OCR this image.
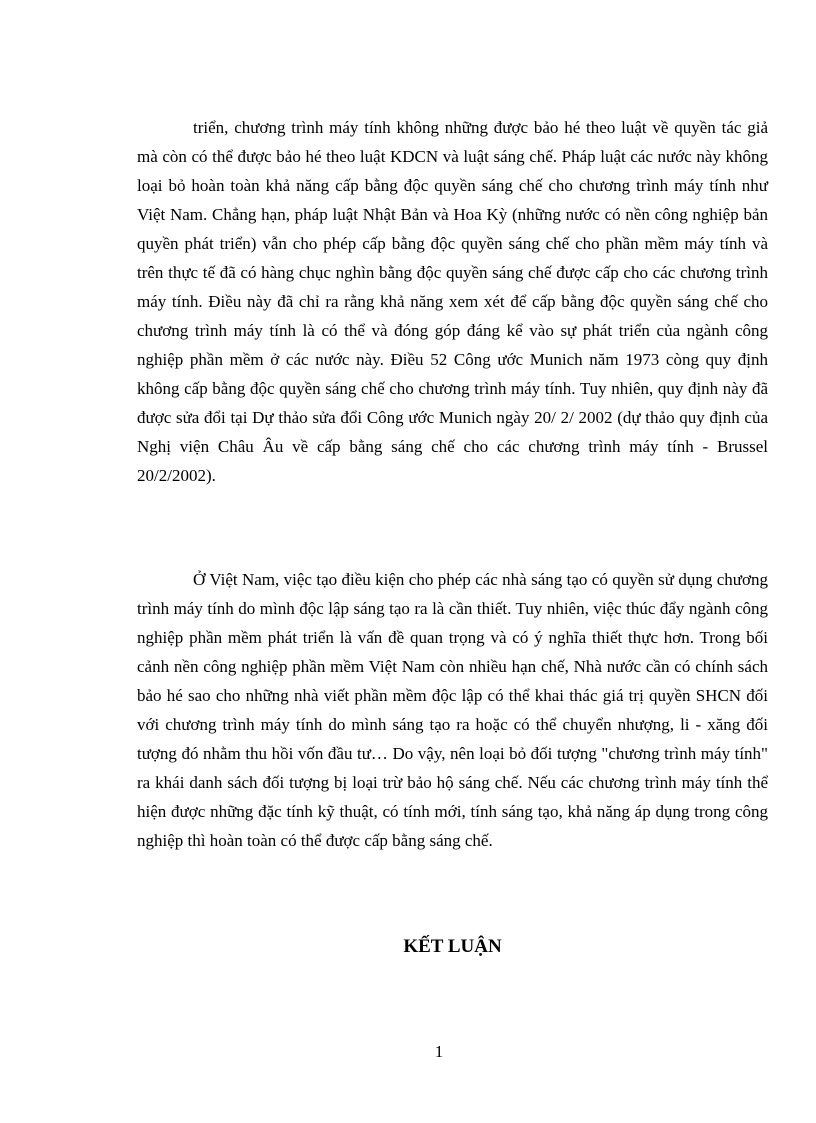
triển, chương trình máy tính không những được bảo hé theo luật về quyền tác giả mà còn có thể được bảo hé theo luật KDCN và luật sáng chế. Pháp luật các nước này không loại bỏ hoàn toàn khả năng cấp bằng độc quyền sáng chế cho chương trình máy tính như Việt Nam. Chẳng hạn, pháp luật Nhật Bản và Hoa Kỳ (những nước có nền công nghiệp bản quyền phát triển) vẫn cho phép cấp bằng độc quyền sáng chế cho phần mềm máy tính và trên thực tế đã có hàng chục nghìn bằng độc quyền sáng chế được cấp cho các chương trình máy tính. Điều này đã chỉ ra rằng khả năng xem xét để cấp bằng độc quyền sáng chế cho chương trình máy tính là có thể và đóng góp đáng kể vào sự phát triển của ngành công nghiệp phần mềm ở các nước này. Điều 52 Công ước Munich năm 1973 còng quy định không cấp bằng độc quyền sáng chế cho chương trình máy tính. Tuy nhiên, quy định này đã được sửa đổi tại Dự thảo sửa đổi Công ước Munich ngày 20/ 2/ 2002 (dự thảo quy định của Nghị viện Châu Âu về cấp bằng sáng chế cho các chương trình máy tính - Brussel 20/2/2002).

Ở Việt Nam, việc tạo điều kiện cho phép các nhà sáng tạo có quyền sử dụng chương trình máy tính do mình độc lập sáng tạo ra là cần thiết. Tuy nhiên, việc thúc đẩy ngành công nghiệp phần mềm phát triển là vấn đề quan trọng và có ý nghĩa thiết thực hơn. Trong bối cảnh nền công nghiệp phần mềm Việt Nam còn nhiều hạn chế, Nhà nước cần có chính sách bảo hé sao cho những nhà viết phần mềm độc lập có thể khai thác giá trị quyền SHCN đối với chương trình máy tính do mình sáng tạo ra hoặc có thể chuyển nhượng, li - xăng đối tượng đó nhằm thu hồi vốn đầu tư… Do vậy, nên loại bỏ đối tượng "chương trình máy tính" ra khái danh sách đối tượng bị loại trừ bảo hộ sáng chế. Nếu các chương trình máy tính thể hiện được những đặc tính kỹ thuật, có tính mới, tính sáng tạo, khả năng áp dụng trong công nghiệp thì hoàn toàn có thể được cấp bằng sáng chế.

KẾT LUẬN
1
